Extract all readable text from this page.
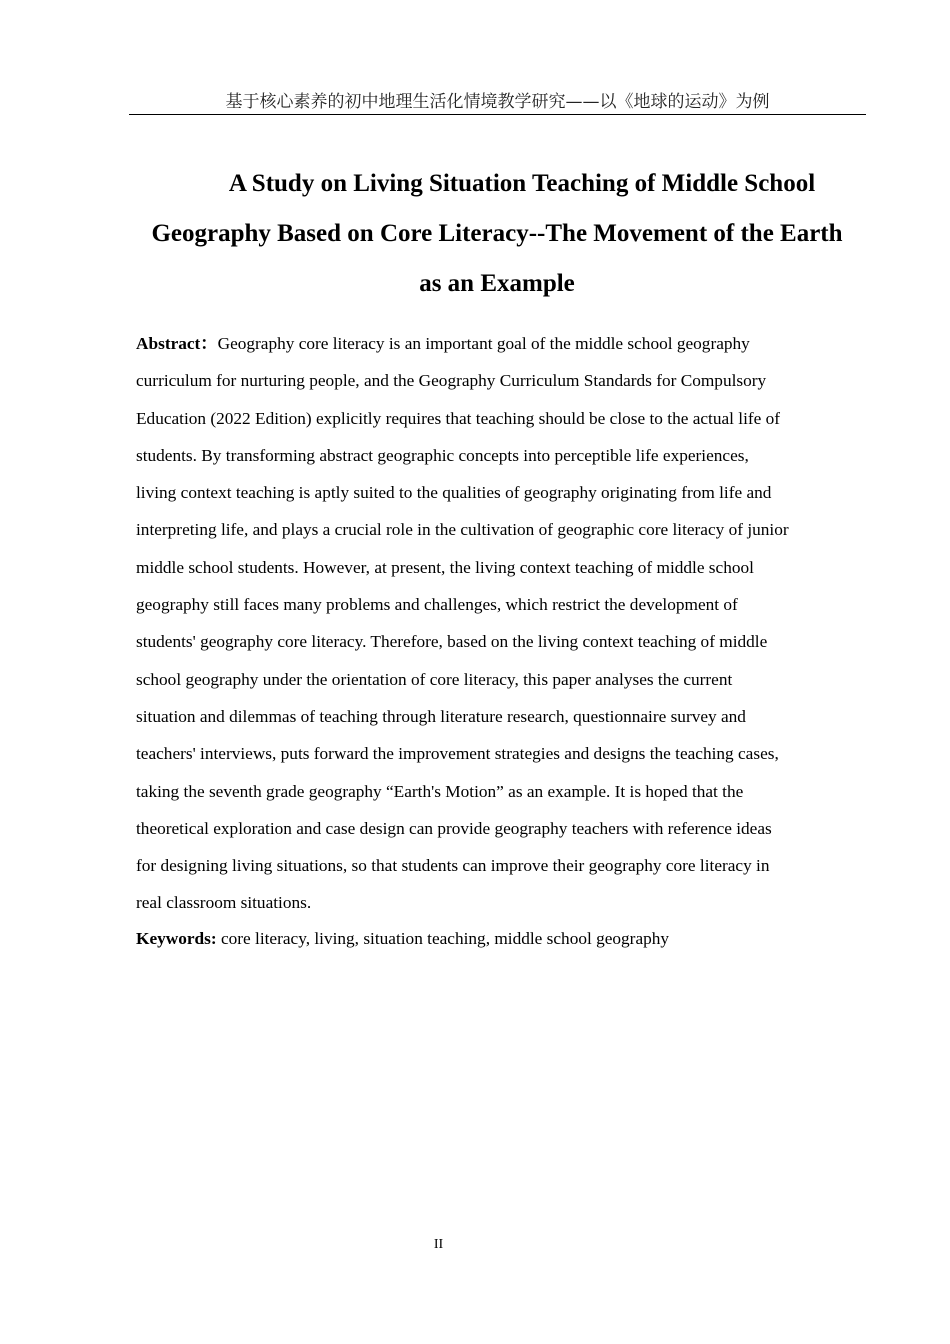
基于核心素养的初中地理生活化情境教学研究——以《地球的运动》为例
A Study on Living Situation Teaching of Middle School
Geography Based on Core Literacy--The Movement of the Earth
as an Example
Abstract：Geography core literacy is an important goal of the middle school geography
curriculum for nurturing people, and the Geography Curriculum Standards for Compulsory
Education (2022 Edition) explicitly requires that teaching should be close to the actual life of
students. By transforming abstract geographic concepts into perceptible life experiences,
living context teaching is aptly suited to the qualities of geography originating from life and
interpreting life, and plays a crucial role in the cultivation of geographic core literacy of junior
middle school students. However, at present, the living context teaching of middle school
geography still faces many problems and challenges, which restrict the development of
students' geography core literacy. Therefore, based on the living context teaching of middle
school geography under the orientation of core literacy, this paper analyses the current
situation and dilemmas of teaching through literature research, questionnaire survey and
teachers' interviews, puts forward the improvement strategies and designs the teaching cases,
taking the seventh grade geography “Earth's Motion” as an example. It is hoped that the
theoretical exploration and case design can provide geography teachers with reference ideas
for designing living situations, so that students can improve their geography core literacy in
real classroom situations.
Keywords: core literacy, living, situation teaching, middle school geography
II
